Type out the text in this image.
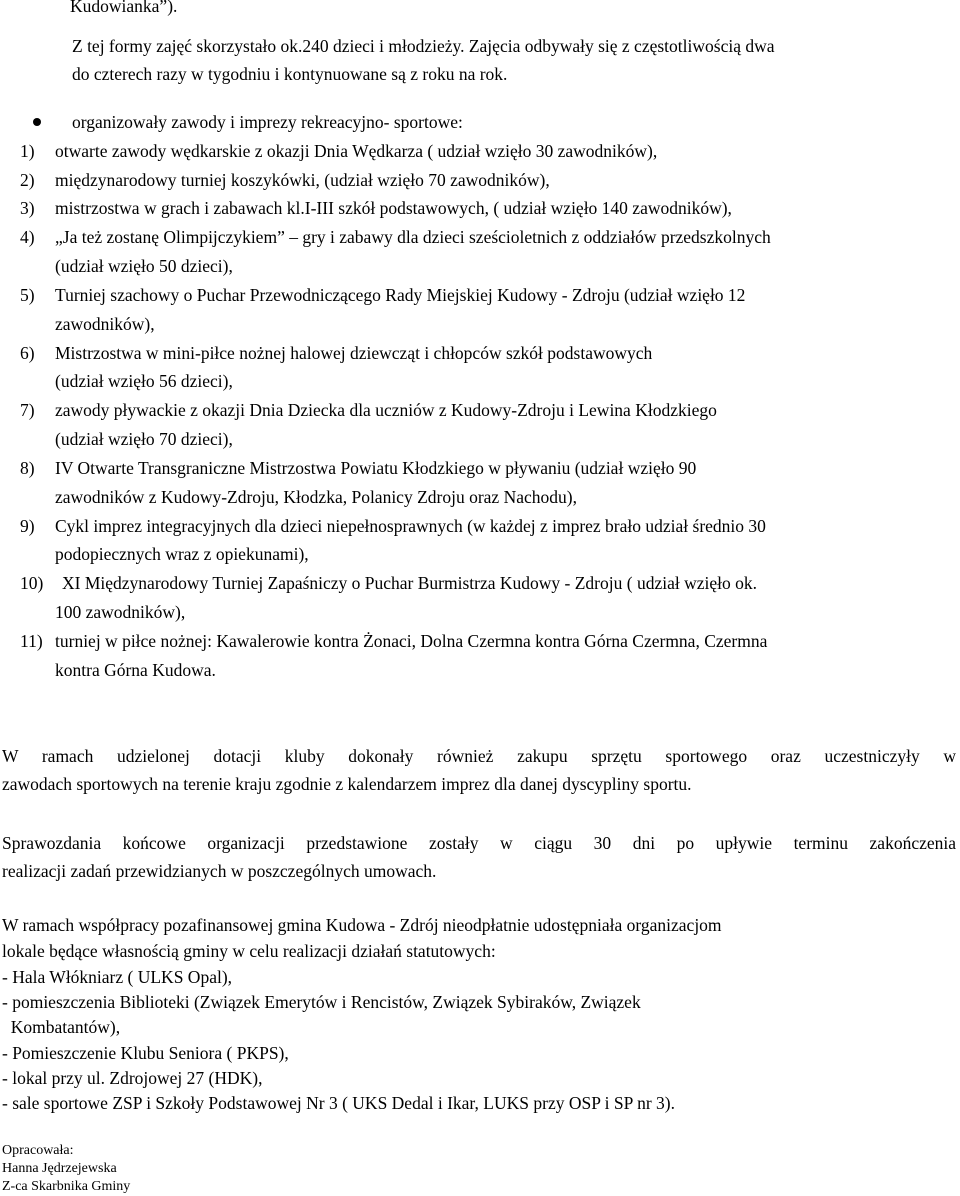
Kudowianka”).
Z tej formy zajęć skorzystało ok.240 dzieci i młodzieży. Zajęcia odbywały się z częstotliwością dwa
do czterech razy w tygodniu i kontynuowane są z roku na rok.
organizowały zawody i imprezy rekreacyjno- sportowe:
1) otwarte zawody wędkarskie z okazji Dnia Wędkarza ( udział wzięło 30 zawodników),
2) międzynarodowy turniej koszykówki, (udział wzięło 70 zawodników),
3) mistrzostwa w grach i zabawach kl.I-III szkół podstawowych, ( udział wzięło 140 zawodników),
4) „Ja też zostanę Olimpijczykiem” – gry i zabawy dla dzieci sześcioletnich z oddziałów przedszkolnych
(udział wzięło 50 dzieci),
5) Turniej szachowy o Puchar Przewodniczącego Rady Miejskiej Kudowy - Zdroju (udział wzięło 12
zawodników),
6) Mistrzostwa w mini-piłce nożnej halowej dziewcząt i chłopców szkół podstawowych
(udział wzięło 56 dzieci),
7) zawody pływackie z okazji Dnia Dziecka dla uczniów z Kudowy-Zdroju i Lewina Kłodzkiego
(udział wzięło 70 dzieci),
8) IV Otwarte Transgraniczne Mistrzostwa Powiatu Kłodzkiego w pływaniu (udział wzięło 90
zawodników z Kudowy-Zdroju, Kłodzka, Polanicy Zdroju oraz Nachodu),
9) Cykl imprez integracyjnych dla dzieci niepełnosprawnych (w każdej z imprez brało udział średnio 30
podopiecznych wraz z opiekunami),
10) XI Międzynarodowy Turniej Zapaśniczy o Puchar Burmistrza Kudowy - Zdroju ( udział wzięło ok.
100 zawodników),
11) turniej w piłce nożnej: Kawalerowie kontra Żonaci, Dolna Czermna kontra Górna Czermna, Czermna
kontra Górna Kudowa.
W ramach udzielonej dotacji kluby dokonały również zakupu sprzętu sportowego oraz uczestniczyły w
zawodach sportowych na terenie kraju zgodnie z kalendarzem imprez dla danej dyscypliny sportu.
Sprawozdania końcowe organizacji przedstawione zostały w ciągu 30 dni po upływie terminu zakończenia
realizacji zadań przewidzianych w poszczególnych umowach.
W ramach współpracy pozafinansowej gmina Kudowa - Zdrój nieodpłatnie udostępniała organizacjom
lokale będące własnością gminy w celu realizacji działań statutowych:
- Hala Włókniarz ( ULKS Opal),
- pomieszczenia Biblioteki (Związek Emerytów i Rencistów, Związek Sybiraków, Związek
Kombatantów),
- Pomieszczenie Klubu Seniora ( PKPS),
- lokal przy ul. Zdrojowej 27 (HDK),
- sale sportowe ZSP i Szkoły Podstawowej Nr 3 ( UKS Dedal i Ikar, LUKS przy OSP i SP nr 3).
Opracowała:
Hanna Jędrzejewska
Z-ca Skarbnika Gminy
